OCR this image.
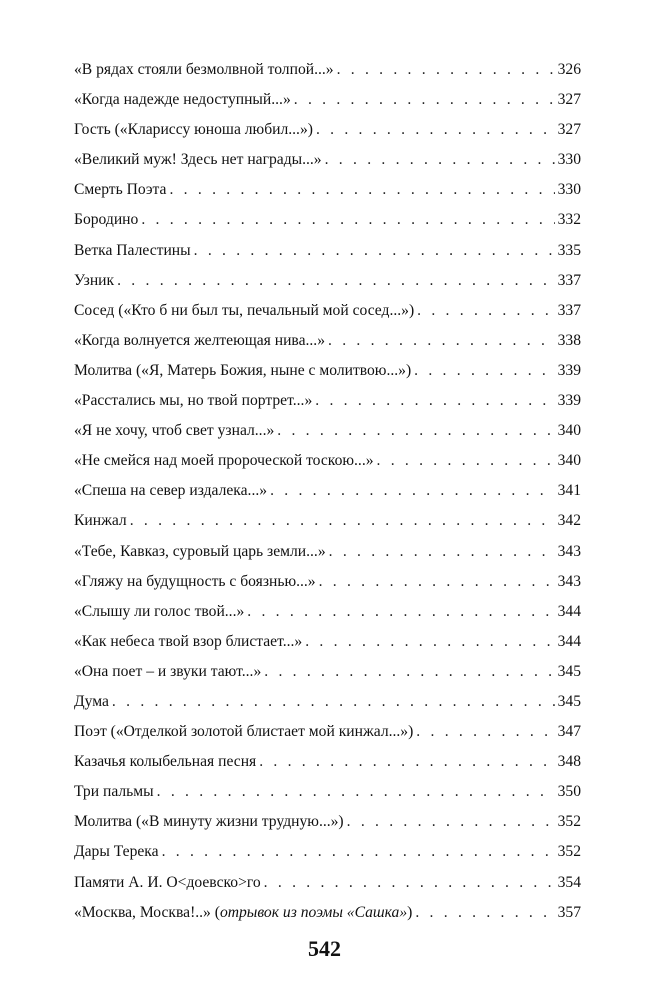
«В рядах стояли безмолвной толпой...» . . .	326
«Когда надежде недоступный...» . . .	327
Гость («Клариссу юноша любил...») . . .	327
«Великий муж! Здесь нет награды...» . . .	330
Смерть Поэта . . .	330
Бородино . . .	332
Ветка Палестины . . .	335
Узник . . .	337
Сосед («Кто б ни был ты, печальный мой сосед...») . . .	337
«Когда волнуется желтеющая нива...» . . .	338
Молитва («Я, Матерь Божия, ныне с молитвою...») . . .	339
«Расстались мы, но твой портрет...» . . .	339
«Я не хочу, чтоб свет узнал...» . . .	340
«Не смейся над моей пророческой тоскою...» . . .	340
«Спеша на север издалека...» . . .	341
Кинжал . . .	342
«Тебе, Кавказ, суровый царь земли...» . . .	343
«Гляжу на будущность с боязнью...» . . .	343
«Слышу ли голос твой...» . . .	344
«Как небеса твой взор блистает...» . . .	344
«Она поет – и звуки тают...» . . .	345
Дума . . .	345
Поэт («Отделкой золотой блистает мой кинжал...») . . .	347
Казачья колыбельная песня . . .	348
Три пальмы . . .	350
Молитва («В минуту жизни трудную...») . . .	352
Дары Терека . . .	352
Памяти А. И. О<доевско>го . . .	354
«Москва, Москва!..» (отрывок из поэмы «Сашка») . . .	357
542
